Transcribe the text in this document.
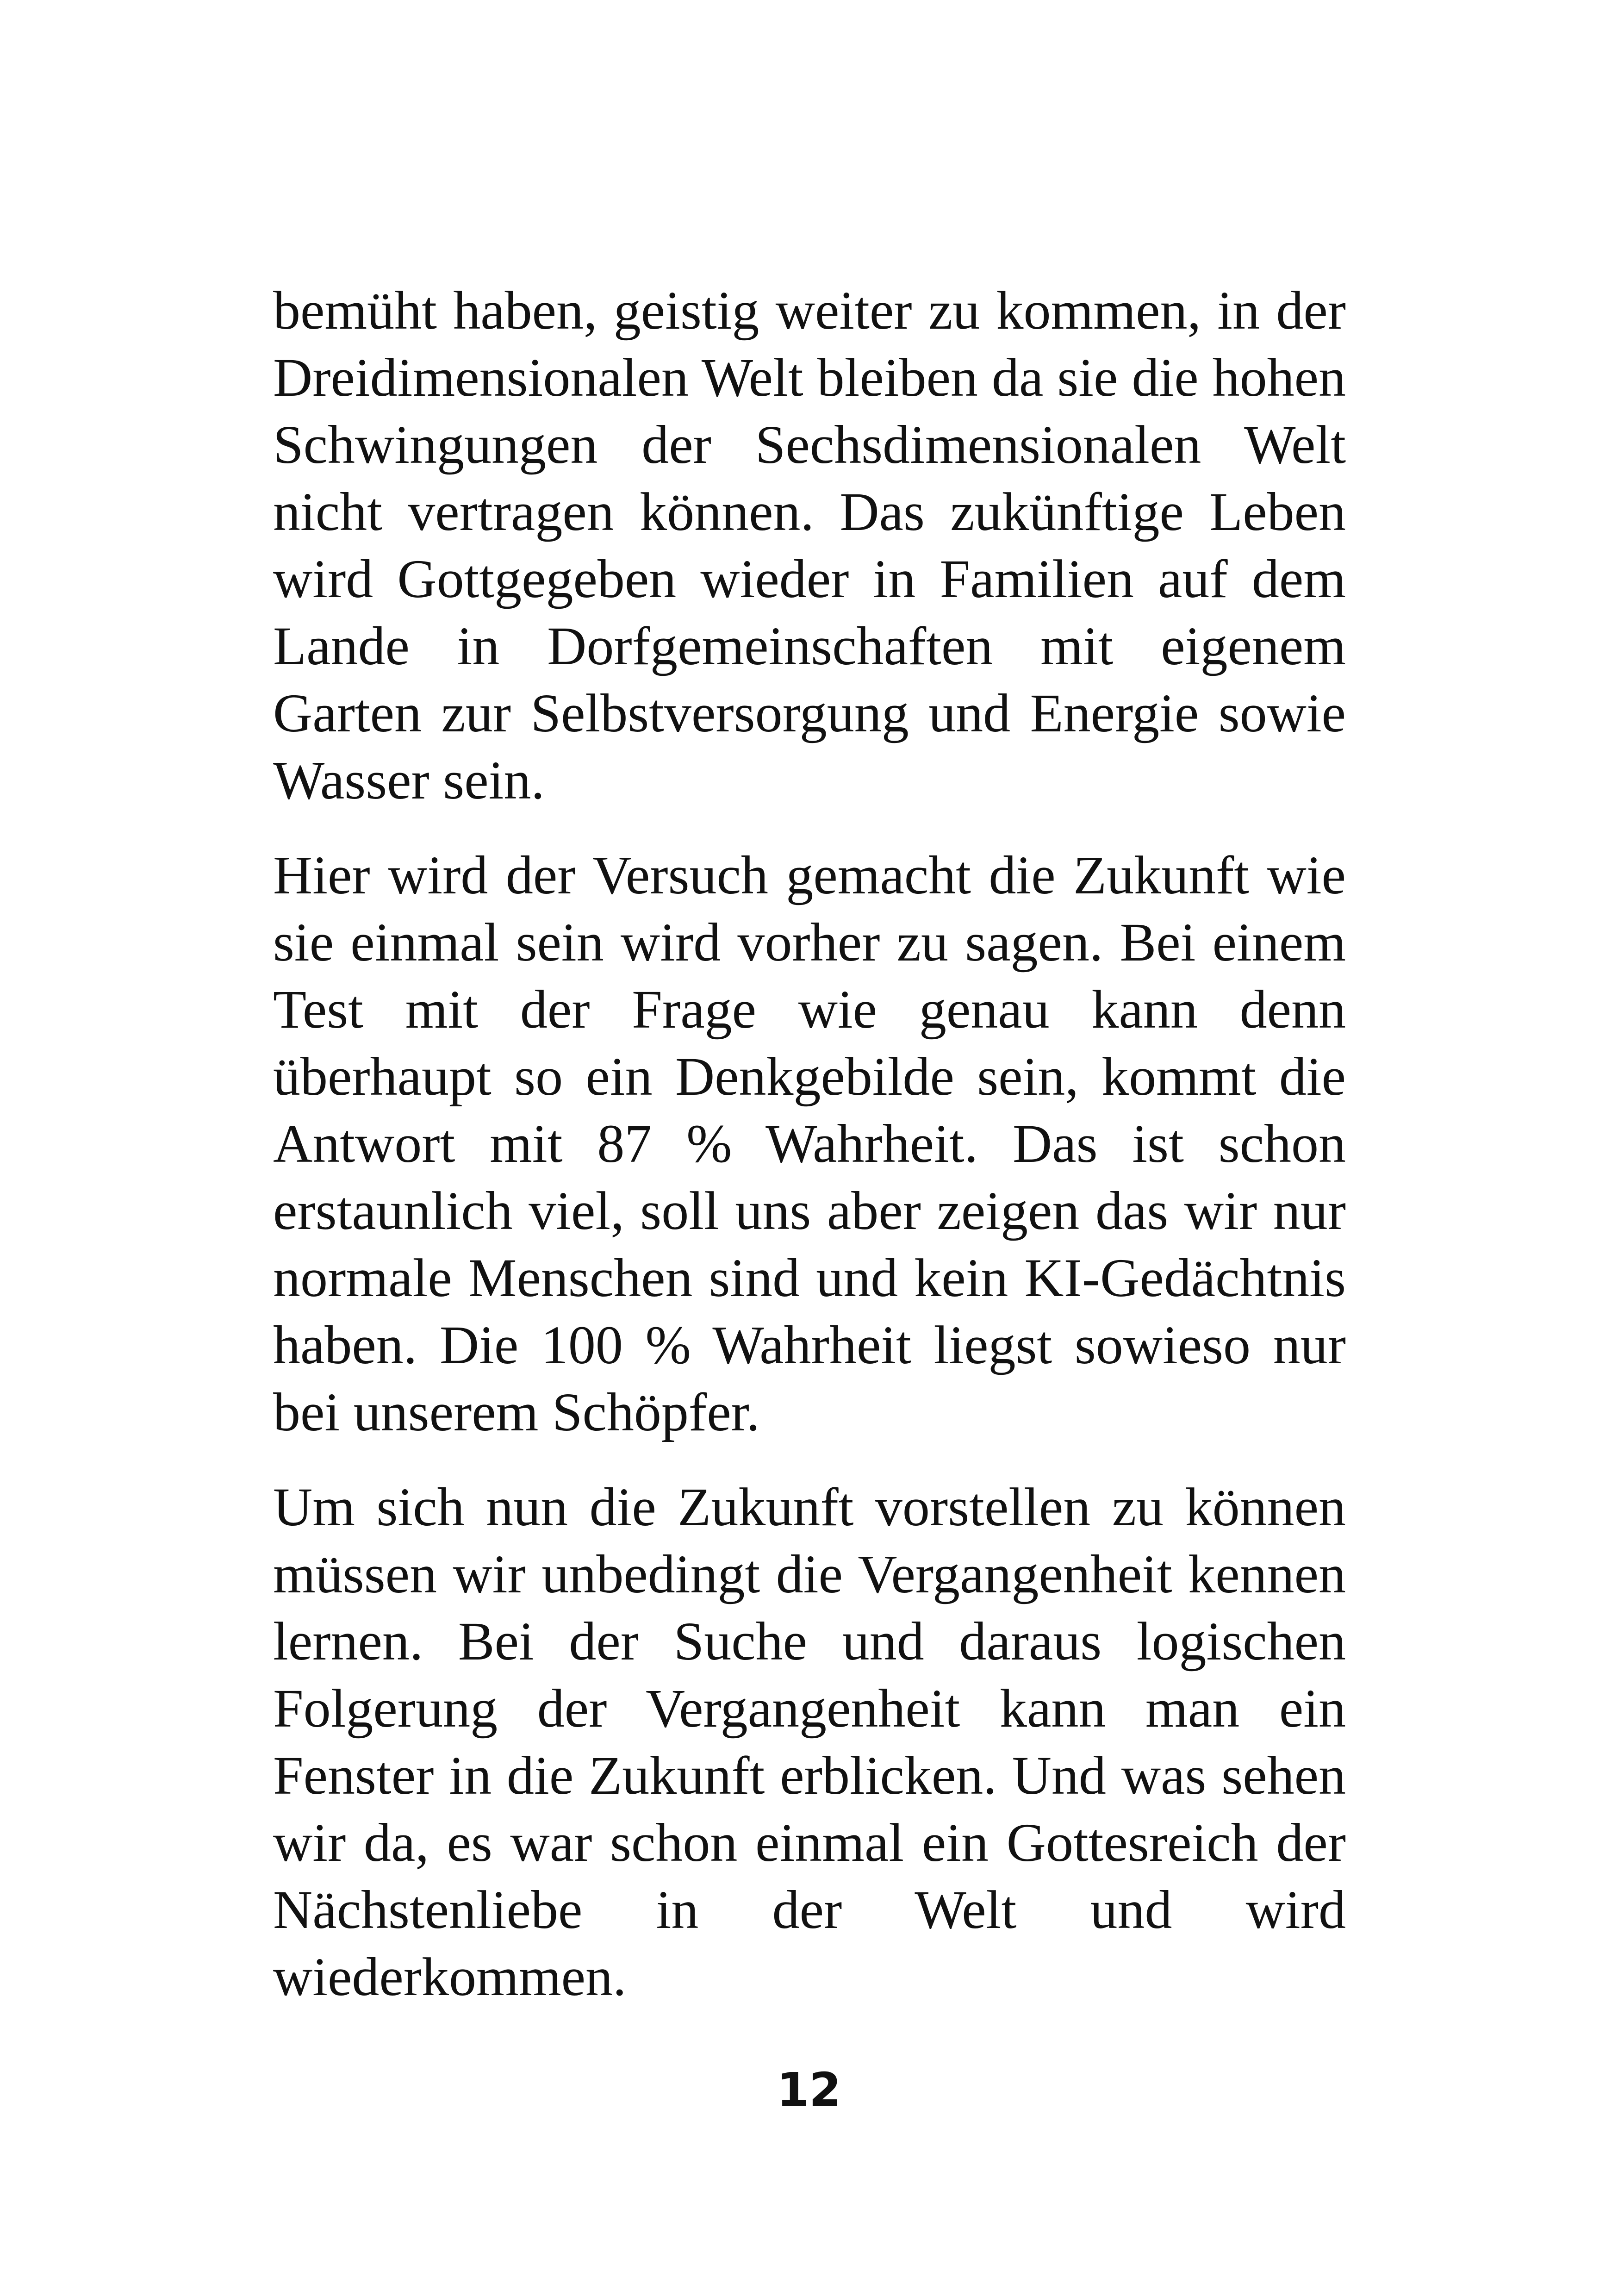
bemüht haben, geistig weiter zu kommen, in der Dreidimensionalen Welt bleiben da sie die hohen Schwingungen der Sechsdimensionalen Welt nicht vertragen können. Das zukünftige Leben wird Gottgegeben wieder in Familien auf dem Lande in Dorfgemeinschaften mit eigenem Garten zur Selbstversorgung und Energie sowie Wasser sein.

Hier wird der Versuch gemacht die Zukunft wie sie einmal sein wird vorher zu sagen. Bei einem Test mit der Frage wie genau kann denn überhaupt so ein Denkgebilde sein, kommt die Antwort mit 87 % Wahrheit. Das ist schon erstaunlich viel, soll uns aber zeigen das wir nur normale Menschen sind und kein KI-Gedächtnis haben. Die 100 % Wahrheit liegst sowieso nur bei unserem Schöpfer.

Um sich nun die Zukunft vorstellen zu können müssen wir unbedingt die Vergangenheit kennen lernen. Bei der Suche und daraus logischen Folgerung der Vergangenheit kann man ein Fenster in die Zukunft erblicken. Und was sehen wir da, es war schon einmal ein Gottesreich der Nächstenliebe in der Welt und wird wiederkommen.

12
